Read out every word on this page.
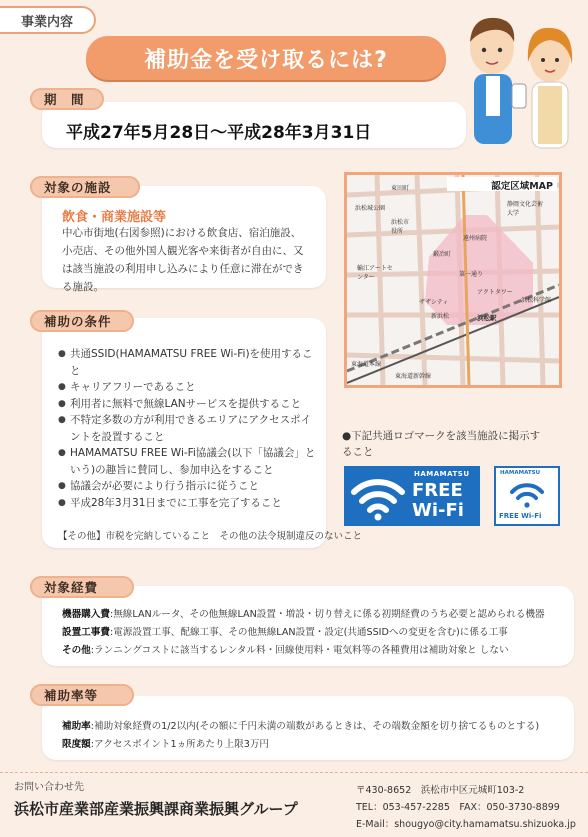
事業内容
補助金を受け取るには?
期　間
平成27年5月28日〜平成28年3月31日
対象の施設
飲食・商業施設等
中心市街地(右図参照)における飲食店、宿泊施設、小売店、その他外国人観光客や来街者が自由に、又は該当施設の利用申し込みにより任意に滞在ができる施設。
認定区域MAP
東田町
浜松城公園
浜松市役所
静岡文化芸術大学
遠州病院
第一通り
鍛冶町
輸江アートセンター
ザザシティ
新浜松
アクトタワー
浜松駅
浜松科学館
東海道本線
東海道新幹線
補助の条件
● 共通SSID(HAMAMATSU FREE Wi-Fi)を使用すること
● キャリアフリーであること
● 利用者に無料で無線LANサービスを提供すること
● 不特定多数の方が利用できるエリアにアクセスポイントを設置すること
● HAMAMATSU FREE Wi-Fi協議会(以下「協議会」という)の趣旨に賛同し、参加申込をすること
● 協議会が必要により行う指示に従うこと
● 平成28年3月31日までに工事を完了すること
【その他】市税を完納していること　その他の法令規制違反のないこと
●下記共通ロゴマークを該当施設に掲示すること
HAMAMATSU
FREE
Wi-Fi
HAMAMATSU
FREE Wi-Fi
対象経費
機器購入費:無線LANルータ、その他無線LAN設置・増設・切り替えに係る初期経費のうち必要と認められる機器
設置工事費:電源設置工事、配線工事、その他無線LAN設置・設定(共通SSIDへの変更を含む)に係る工事
その他:ランニングコストに該当するレンタル料・回線使用料・電気料等の各種費用は補助対象と しない
補助率等
補助率:補助対象経費の1/2以内(その額に千円未満の端数があるときは、その端数金額を切り捨てるものとする)
限度額:アクセスポイント1ヵ所あたり上限3万円
お問い合わせ先
浜松市産業部産業振興課商業振興グループ
〒430-8652　浜松市中区元城町103-2
TEL：053-457-2285　FAX：050-3730-8899
E-Mail：shougyo@city.hamamatsu.shizuoka.jp
